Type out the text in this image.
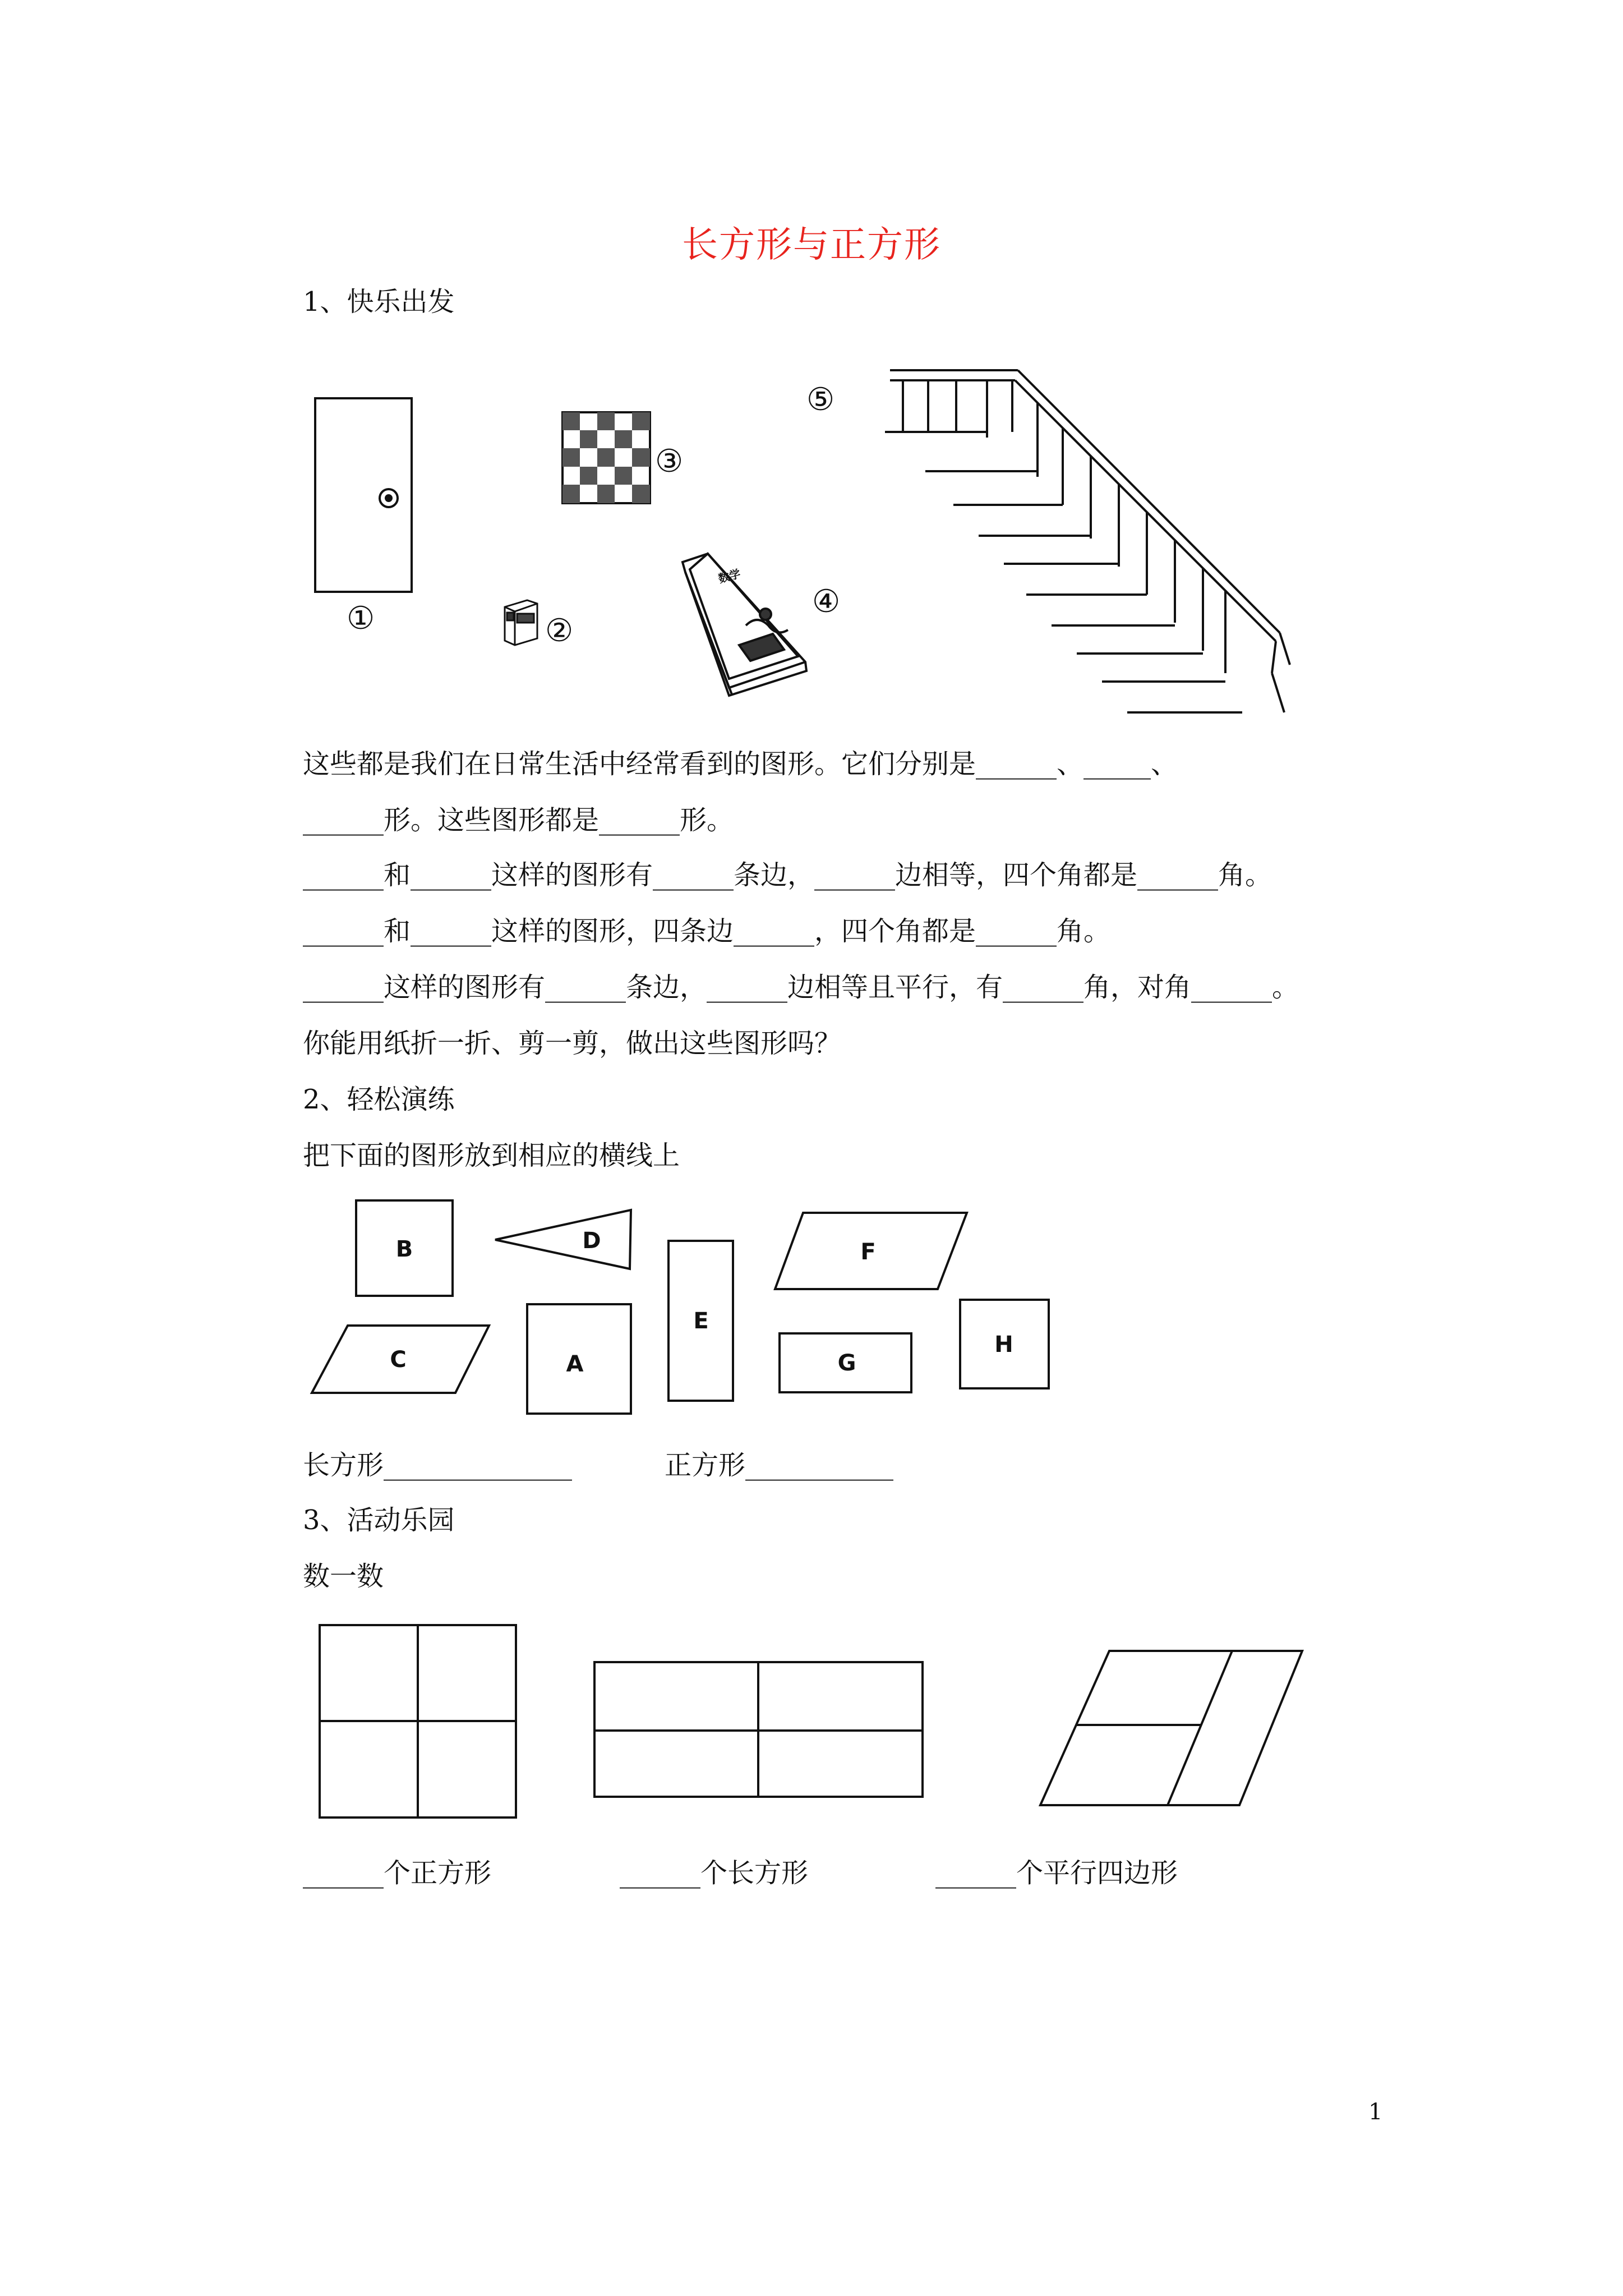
长方形与正方形
1、快乐出发
数学
①	②
③
④
⑤
这些都是我们在日常生活中经常看到的图形。它们分别是______、_____、
______形。这些图形都是______形。
______和______这样的图形有______条边，______边相等，四个角都是______角。
______和______这样的图形，四条边______，四个角都是______角。
______这样的图形有______条边，______边相等且平行，有______角，对角______。
你能用纸折一折、剪一剪，做出这些图形吗？
2、轻松演练
把下面的图形放到相应的横线上
B	D
E
F
C	A	G
H
长方形______________	正方形___________
3、活动乐园
数一数
______个正方形	______个长方形	______个平行四边形
1
